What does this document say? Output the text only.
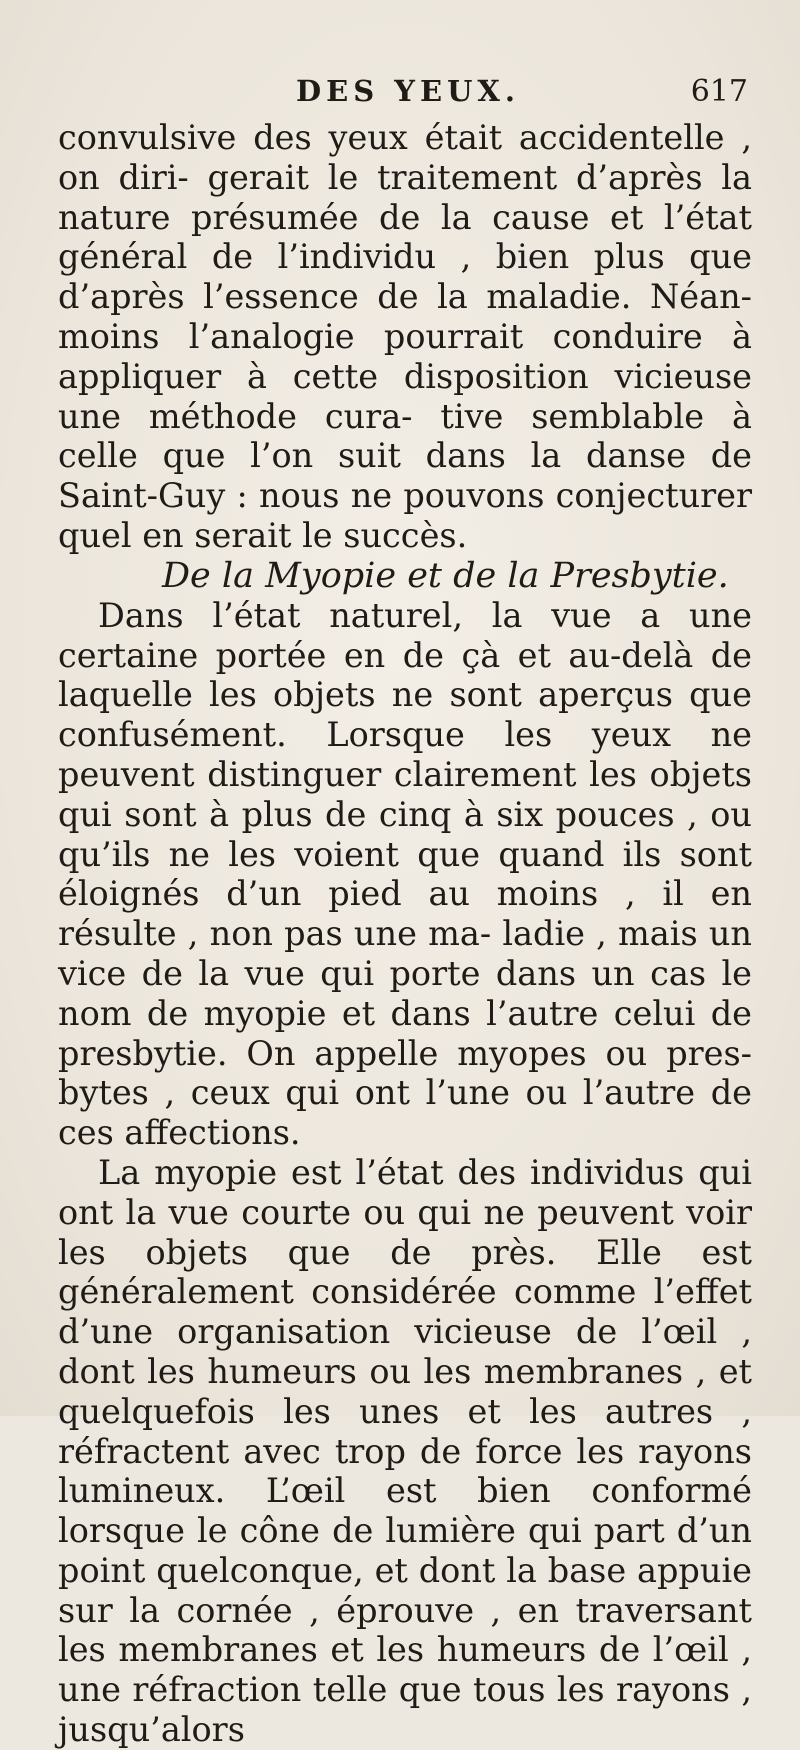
DES YEUX.	617

convulsive des yeux était accidentelle , on diri- gerait le traitement d’après la nature présumée de la cause et l’état général de l’individu , bien plus que d’après l’essence de la maladie. Néan- moins l’analogie pourrait conduire à appliquer à cette disposition vicieuse une méthode cura- tive semblable à celle que l’on suit dans la danse de Saint-Guy : nous ne pouvons conjecturer quel en serait le succès.

De la Myopie et de la Presbytie.

Dans l’état naturel, la vue a une certaine portée en de çà et au-delà de laquelle les objets ne sont aperçus que confusément. Lorsque les yeux ne peuvent distinguer clairement les objets qui sont à plus de cinq à six pouces , ou qu’ils ne les voient que quand ils sont éloignés d’un pied au moins , il en résulte , non pas une ma- ladie , mais un vice de la vue qui porte dans un cas le nom de myopie et dans l’autre celui de presbytie. On appelle myopes ou pres- bytes , ceux qui ont l’une ou l’autre de ces affections.

La myopie est l’état des individus qui ont la vue courte ou qui ne peuvent voir les objets que de près. Elle est généralement considérée comme l’effet d’une organisation vicieuse de l’œil , dont les humeurs ou les membranes , et quelquefois les unes et les autres , réfractent avec trop de force les rayons lumineux. L’œil est bien conformé lorsque le cône de lumière qui part d’un point quelconque, et dont la base appuie sur la cornée , éprouve , en traversant les membranes et les humeurs de l’œil , une réfraction telle que tous les rayons , jusqu’alors
